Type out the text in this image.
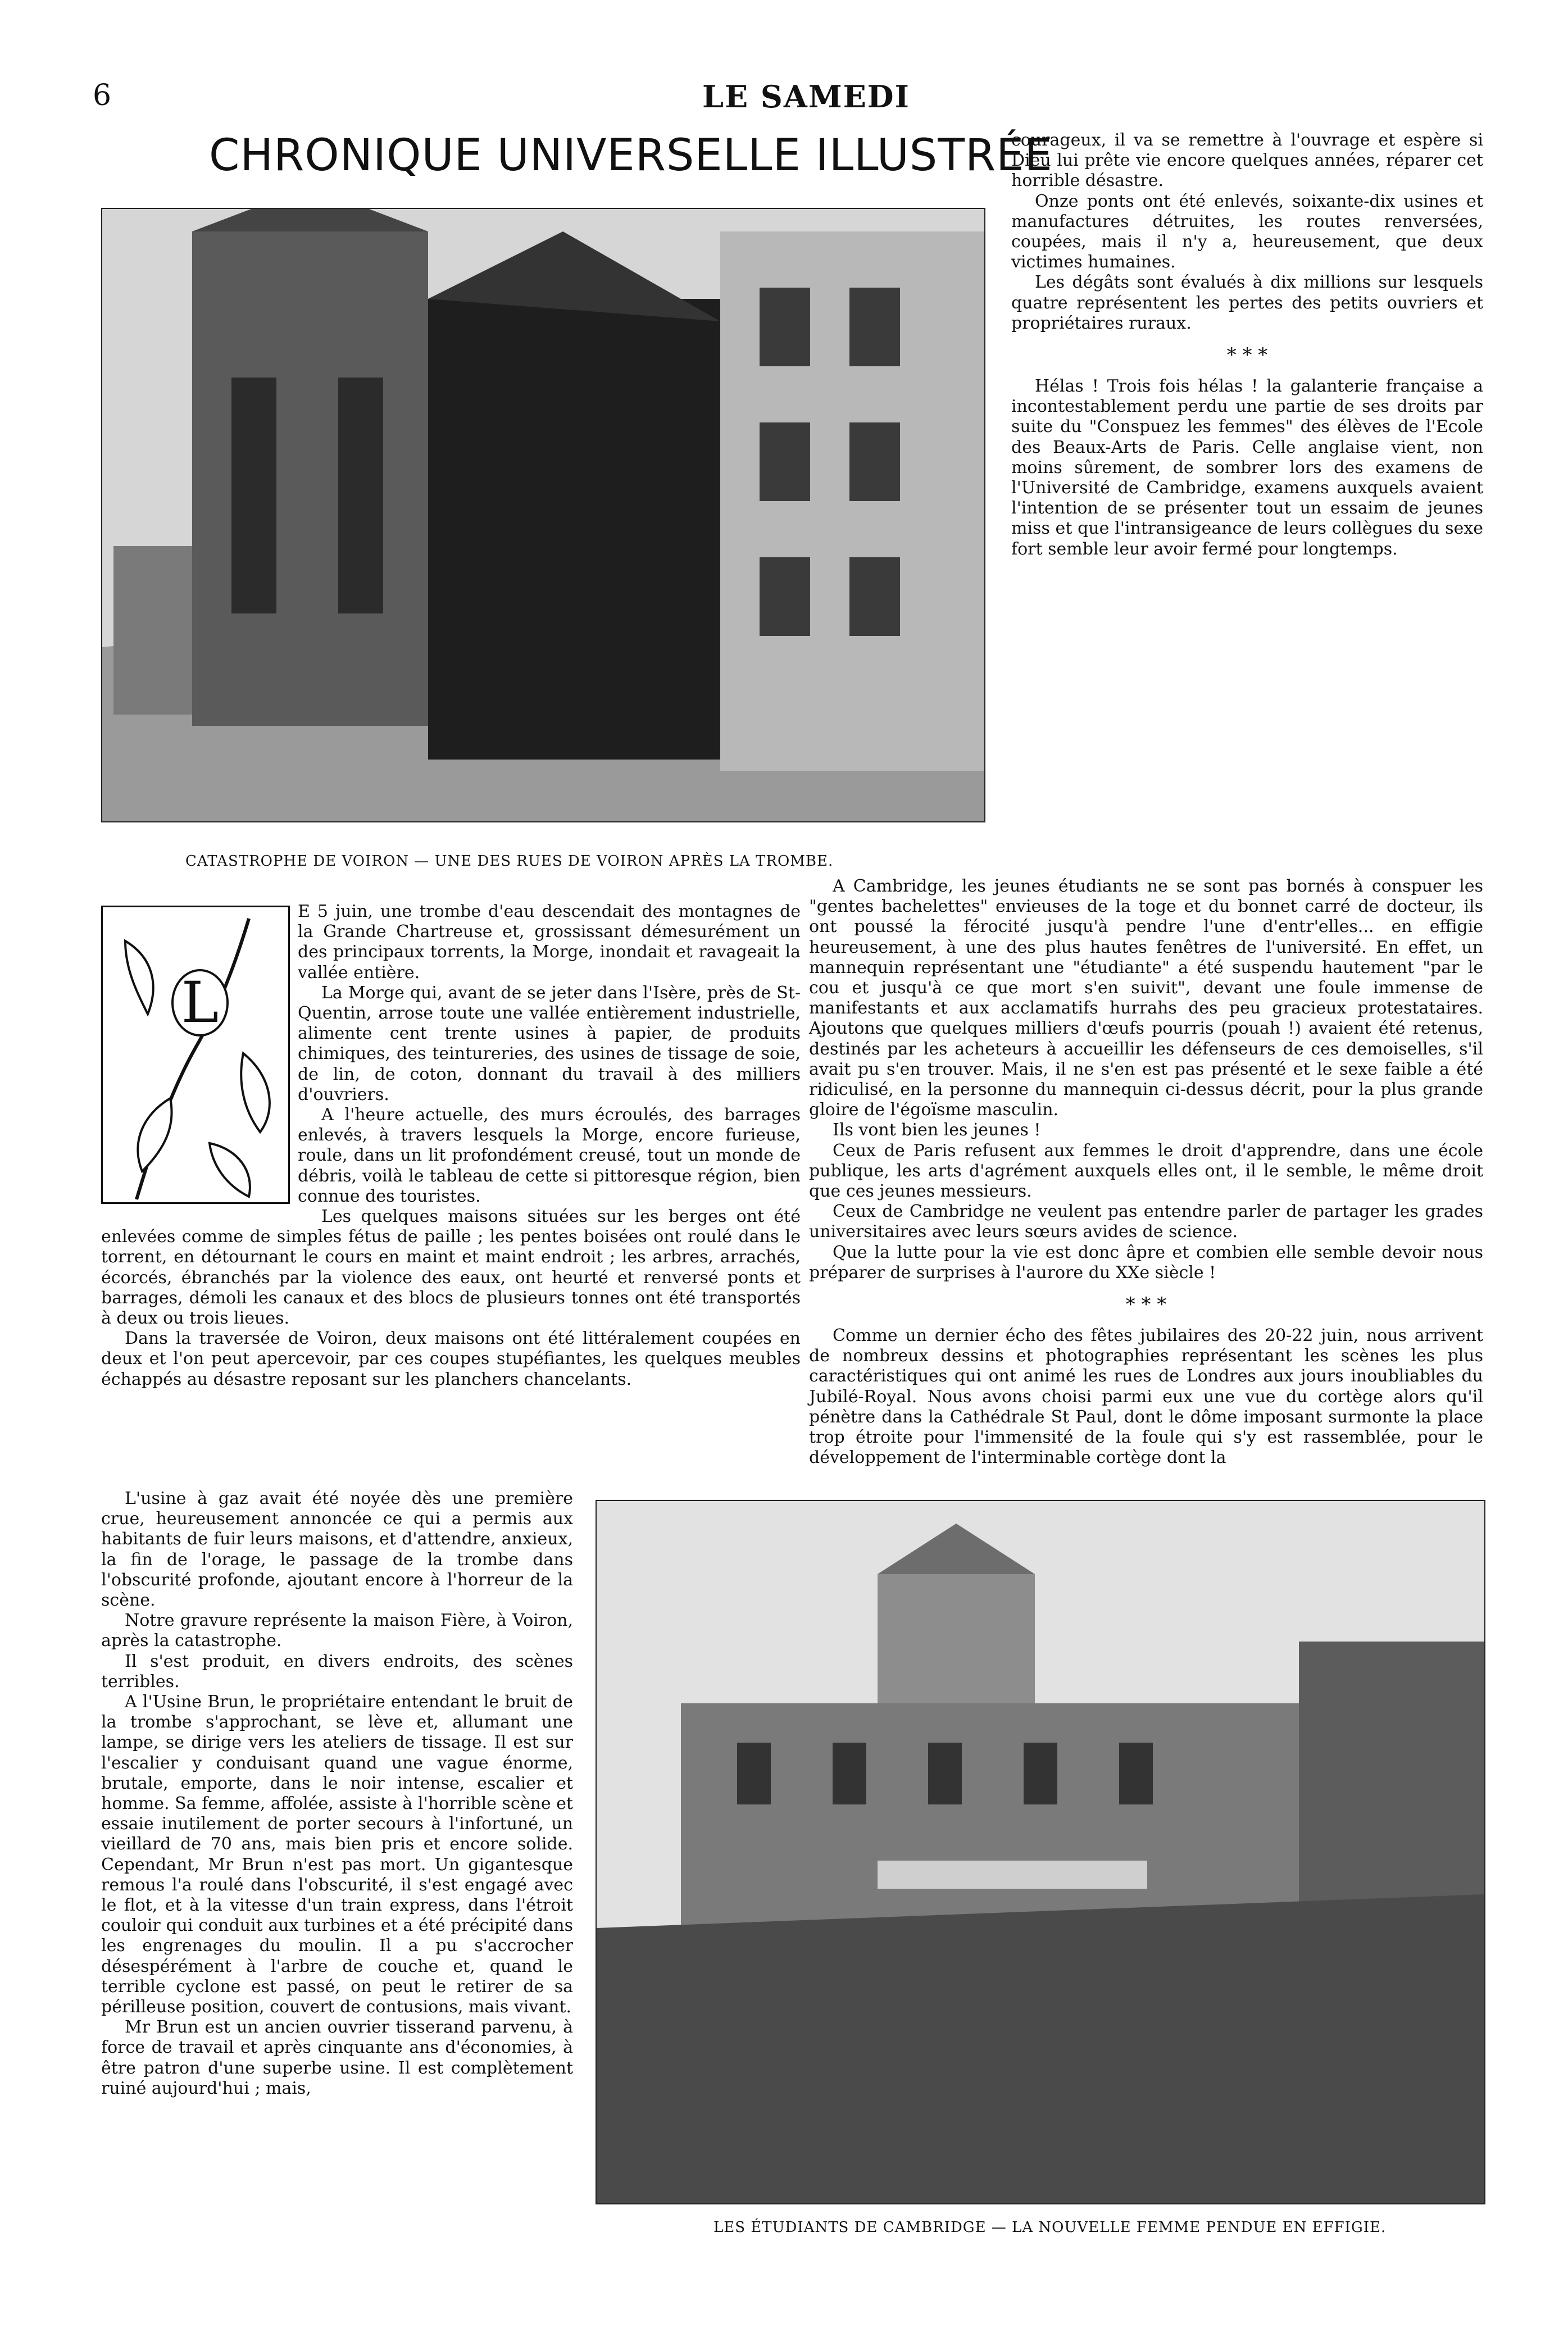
6	LE SAMEDI
CHRONIQUE UNIVERSELLE ILLUSTRÉE
CATASTROPHE DE VOIRON — UNE DES RUES DE VOIRON APRÈS LA TROMBE.
L

E 5 juin, une trombe d'eau descendait des montagnes de la Grande Chartreuse et, grossissant démesurément un des principaux torrents, la Morge, inondait et ravageait la vallée entière.

La Morge qui, avant de se jeter dans l'Isère, près de St-Quentin, arrose toute une vallée entièrement industrielle, alimente cent trente usines à papier, de produits chimiques, des teintureries, des usines de tissage de soie, de lin, de coton, donnant du travail à des milliers d'ouvriers.

A l'heure actuelle, des murs écroulés, des barrages enlevés, à travers lesquels la Morge, encore furieuse, roule, dans un lit profondément creusé, tout un monde de débris, voilà le tableau de cette si pittoresque région, bien connue des touristes.

Les quelques maisons situées sur les berges ont été enlevées comme de simples fétus de paille ; les pentes boisées ont roulé dans le torrent, en détournant le cours en maint et maint endroit ; les arbres, arrachés, écorcés, ébranchés par la violence des eaux, ont heurté et renversé ponts et barrages, démoli les canaux et des blocs de plusieurs tonnes ont été transportés à deux ou trois lieues.

Dans la traversée de Voiron, deux maisons ont été littéralement coupées en deux et l'on peut apercevoir, par ces coupes stupéfiantes, les quelques meubles échappés au désastre reposant sur les planchers chancelants.

L'usine à gaz avait été noyée dès une première crue, heureusement annoncée ce qui a permis aux habitants de fuir leurs maisons, et d'attendre, anxieux, la fin de l'orage, le passage de la trombe dans l'obscurité profonde, ajoutant encore à l'horreur de la scène.

Notre gravure représente la maison Fière, à Voiron, après la catastrophe.

Il s'est produit, en divers endroits, des scènes terribles.

A l'Usine Brun, le propriétaire entendant le bruit de la trombe s'approchant, se lève et, allumant une lampe, se dirige vers les ateliers de tissage. Il est sur l'escalier y conduisant quand une vague énorme, brutale, emporte, dans le noir intense, escalier et homme. Sa femme, affolée, assiste à l'horrible scène et essaie inutilement de porter secours à l'infortuné, un vieillard de 70 ans, mais bien pris et encore solide. Cependant, Mr Brun n'est pas mort. Un gigantesque remous l'a roulé dans l'obscurité, il s'est engagé avec le flot, et à la vitesse d'un train express, dans l'étroit couloir qui conduit aux turbines et a été précipité dans les engrenages du moulin. Il a pu s'accrocher désespérément à l'arbre de couche et, quand le terrible cyclone est passé, on peut le retirer de sa périlleuse position, couvert de contusions, mais vivant.

Mr Brun est un ancien ouvrier tisserand parvenu, à force de travail et après cinquante ans d'économies, à être patron d'une superbe usine. Il est complètement ruiné aujourd'hui ; mais,

courageux, il va se remettre à l'ouvrage et espère si Dieu lui prête vie encore quelques années, réparer cet horrible désastre.

Onze ponts ont été enlevés, soixante-dix usines et manufactures détruites, les routes renversées, coupées, mais il n'y a, heureusement, que deux victimes humaines.

Les dégâts sont évalués à dix millions sur lesquels quatre représentent les pertes des petits ouvriers et propriétaires ruraux.

* * *

Hélas ! Trois fois hélas ! la galanterie française a incontestablement perdu une partie de ses droits par suite du "Conspuez les femmes" des élèves de l'Ecole des Beaux-Arts de Paris. Celle anglaise vient, non moins sûrement, de sombrer lors des examens de l'Université de Cambridge, examens auxquels avaient l'intention de se présenter tout un essaim de jeunes miss et que l'intransigeance de leurs collègues du sexe fort semble leur avoir fermé pour longtemps.

A Cambridge, les jeunes étudiants ne se sont pas bornés à conspuer les "gentes bachelettes" envieuses de la toge et du bonnet carré de docteur, ils ont poussé la férocité jusqu'à pendre l'une d'entr'elles... en effigie heureusement, à une des plus hautes fenêtres de l'université. En effet, un mannequin représentant une "étudiante" a été suspendu hautement "par le cou et jusqu'à ce que mort s'en suivit", devant une foule immense de manifestants et aux acclamatifs hurrahs des peu gracieux protestataires. Ajoutons que quelques milliers d'œufs pourris (pouah !) avaient été retenus, destinés par les acheteurs à accueillir les défenseurs de ces demoiselles, s'il avait pu s'en trouver. Mais, il ne s'en est pas présenté et le sexe faible a été ridiculisé, en la personne du mannequin ci-dessus décrit, pour la plus grande gloire de l'égoïsme masculin.

Ils vont bien les jeunes !

Ceux de Paris refusent aux femmes le droit d'apprendre, dans une école publique, les arts d'agrément auxquels elles ont, il le semble, le même droit que ces jeunes messieurs.

Ceux de Cambridge ne veulent pas entendre parler de partager les grades universitaires avec leurs sœurs avides de science.

Que la lutte pour la vie est donc âpre et combien elle semble devoir nous préparer de surprises à l'aurore du XXe siècle !

* * *

Comme un dernier écho des fêtes jubilaires des 20-22 juin, nous arrivent de nombreux dessins et photographies représentant les scènes les plus caractéristiques qui ont animé les rues de Londres aux jours inoubliables du Jubilé-Royal. Nous avons choisi parmi eux une vue du cortège alors qu'il pénètre dans la Cathédrale St Paul, dont le dôme imposant surmonte la place trop étroite pour l'immensité de la foule qui s'y est rassemblée, pour le développement de l'interminable cortège dont la

LES ÉTUDIANTS DE CAMBRIDGE — LA NOUVELLE FEMME PENDUE EN EFFIGIE.
